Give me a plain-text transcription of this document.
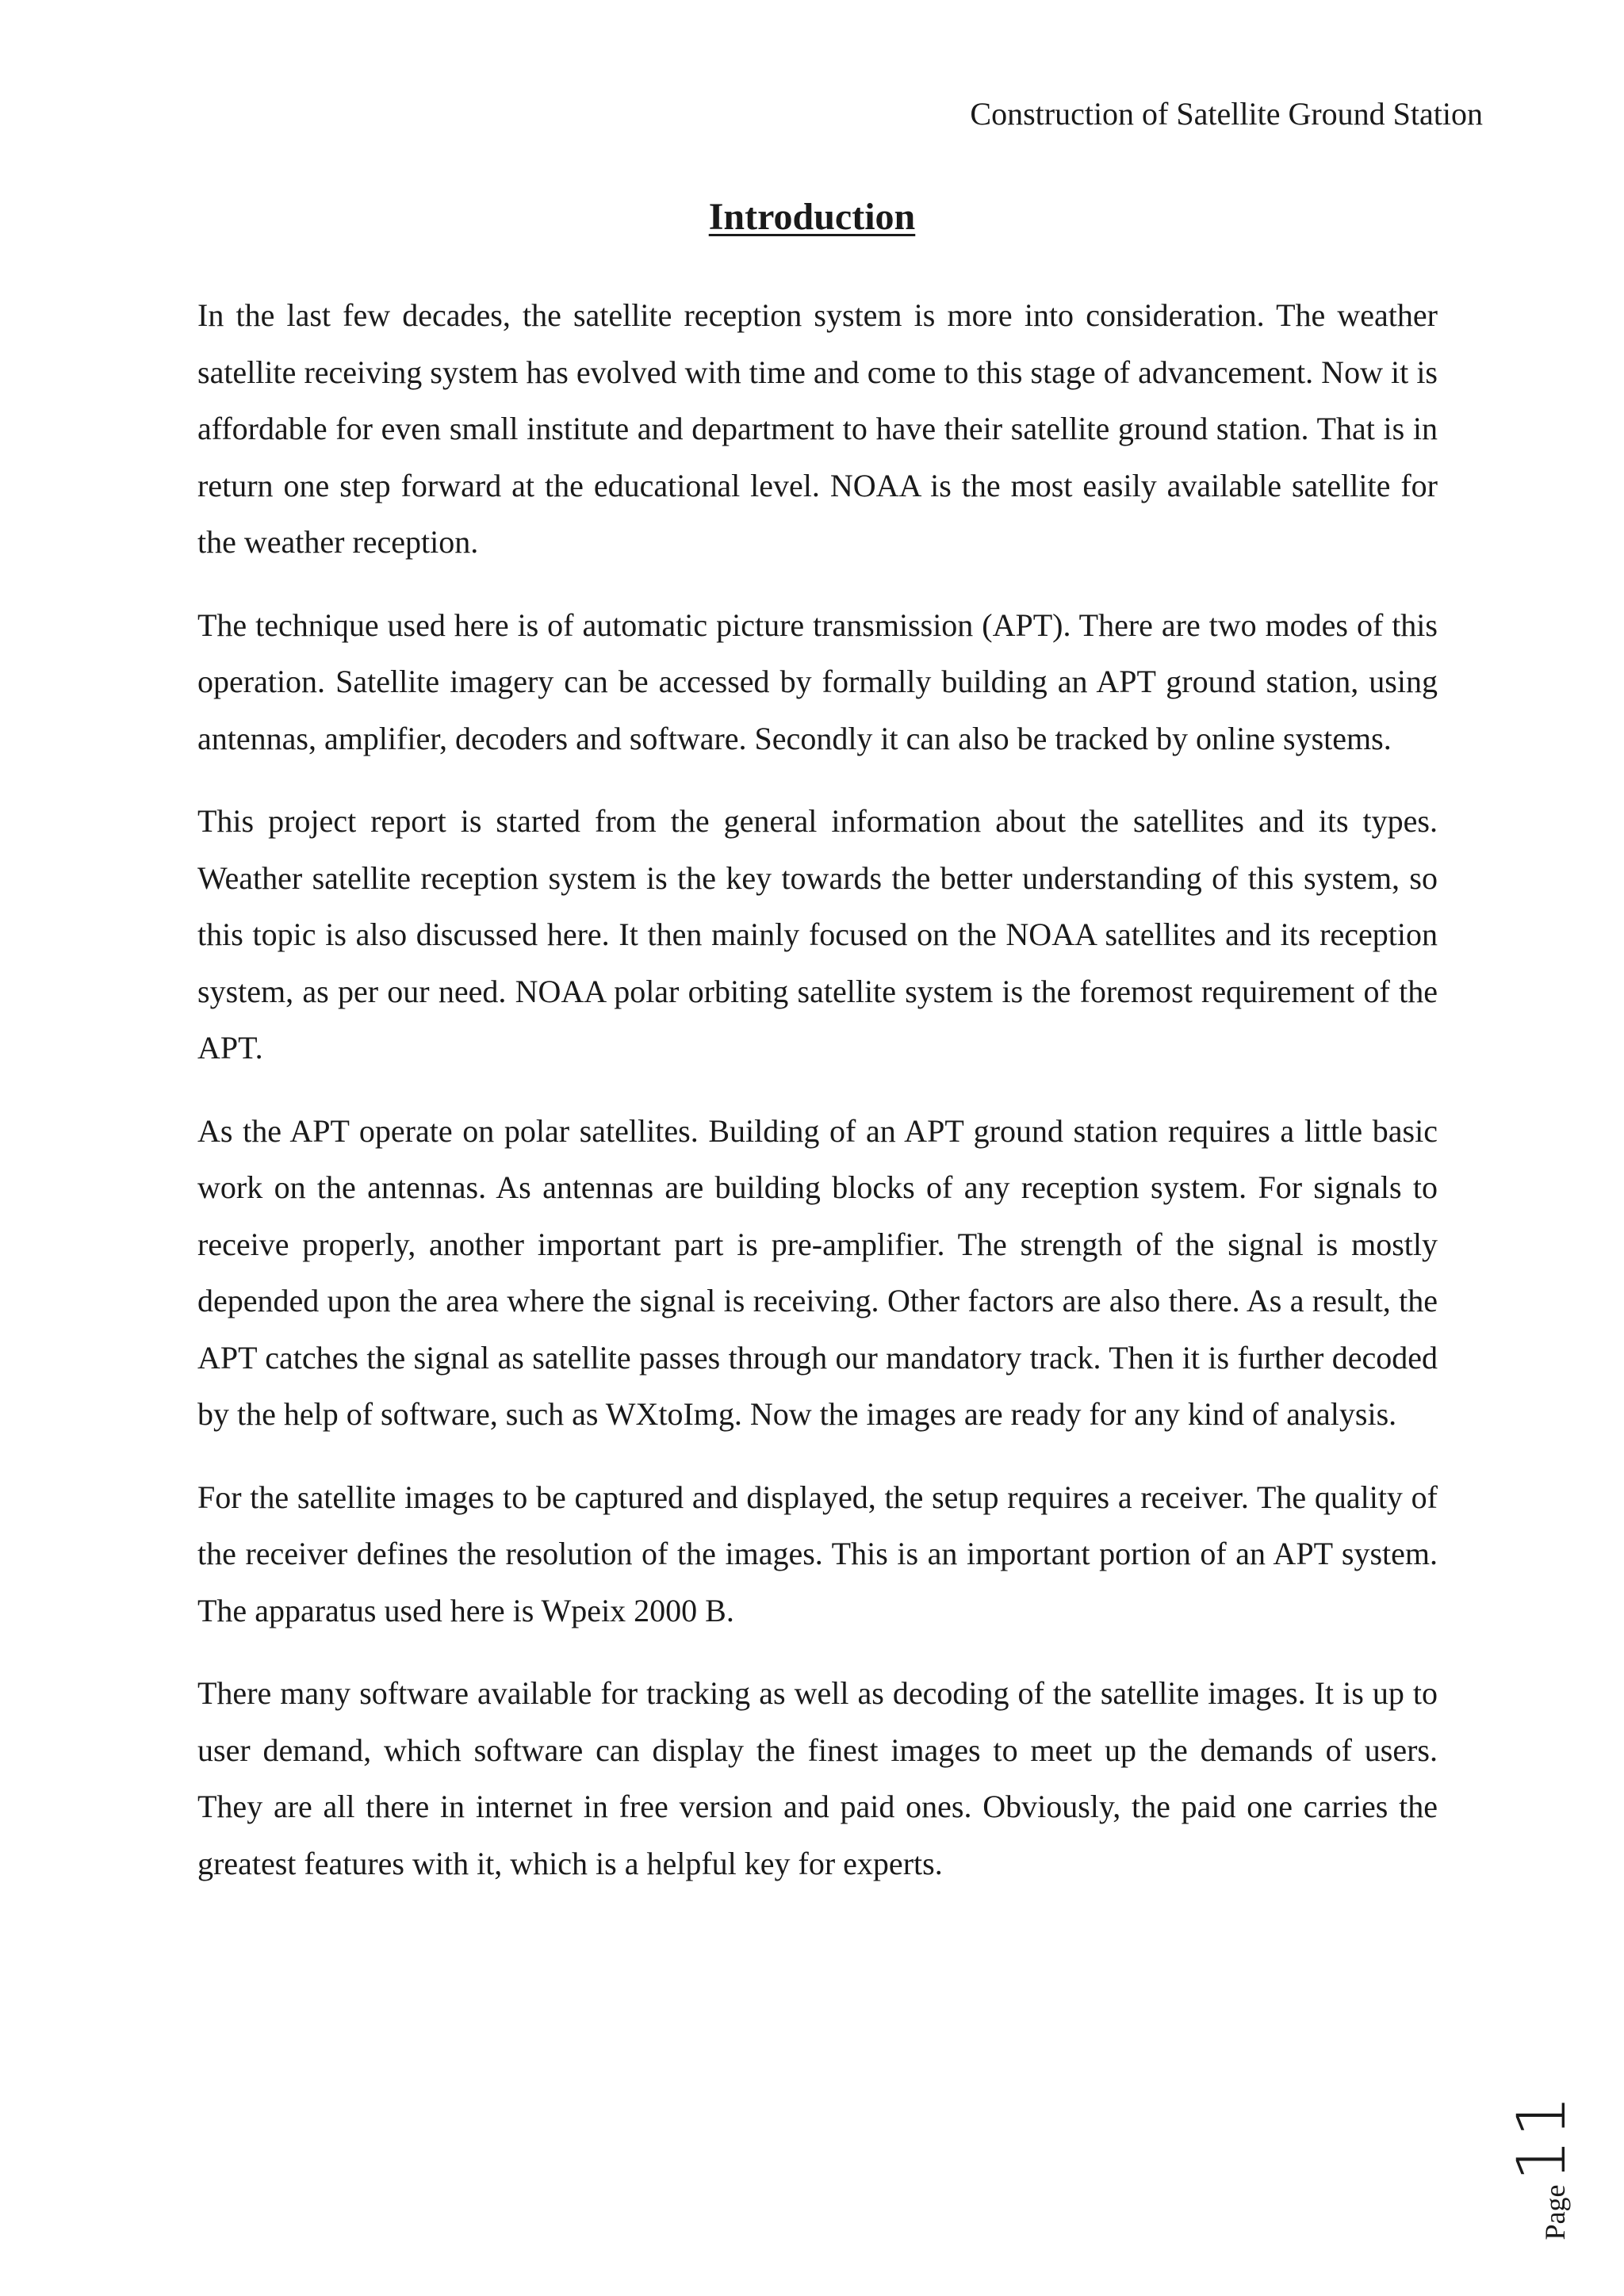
Construction of Satellite Ground Station
Introduction

In the last few decades, the satellite reception system is more into consideration. The weather satellite receiving system has evolved with time and come to this stage of advancement. Now it is affordable for even small institute and department to have their satellite ground station. That is in return one step forward at the educational level. NOAA is the most easily available satellite for the weather reception.

The technique used here is of automatic picture transmission (APT). There are two modes of this operation. Satellite imagery can be accessed by formally building an APT ground station, using antennas, amplifier, decoders and software. Secondly it can also be tracked by online systems.

This project report is started from the general information about the satellites and its types. Weather satellite reception system is the key towards the better understanding of this system, so this topic is also discussed here. It then mainly focused on the NOAA satellites and its reception system, as per our need. NOAA polar orbiting satellite system is the foremost requirement of the APT.

As the APT operate on polar satellites. Building of an APT ground station requires a little basic work on the antennas. As antennas are building blocks of any reception system. For signals to receive properly, another important part is pre-amplifier. The strength of the signal is mostly depended upon the area where the signal is receiving. Other factors are also there. As a result, the APT catches the signal as satellite passes through our mandatory track. Then it is further decoded by the help of software, such as WXtoImg. Now the images are ready for any kind of analysis.

For the satellite images to be captured and displayed, the setup requires a receiver. The quality of the receiver defines the resolution of the images. This is an important portion of an APT system. The apparatus used here is Wpeix 2000 B.

There many software available for tracking as well as decoding of the satellite images. It is up to user demand, which software can display the finest images to meet up the demands of users. They are all there in internet in free version and paid ones. Obviously, the paid one carries the greatest features with it, which is a helpful key for experts.

Page
11
